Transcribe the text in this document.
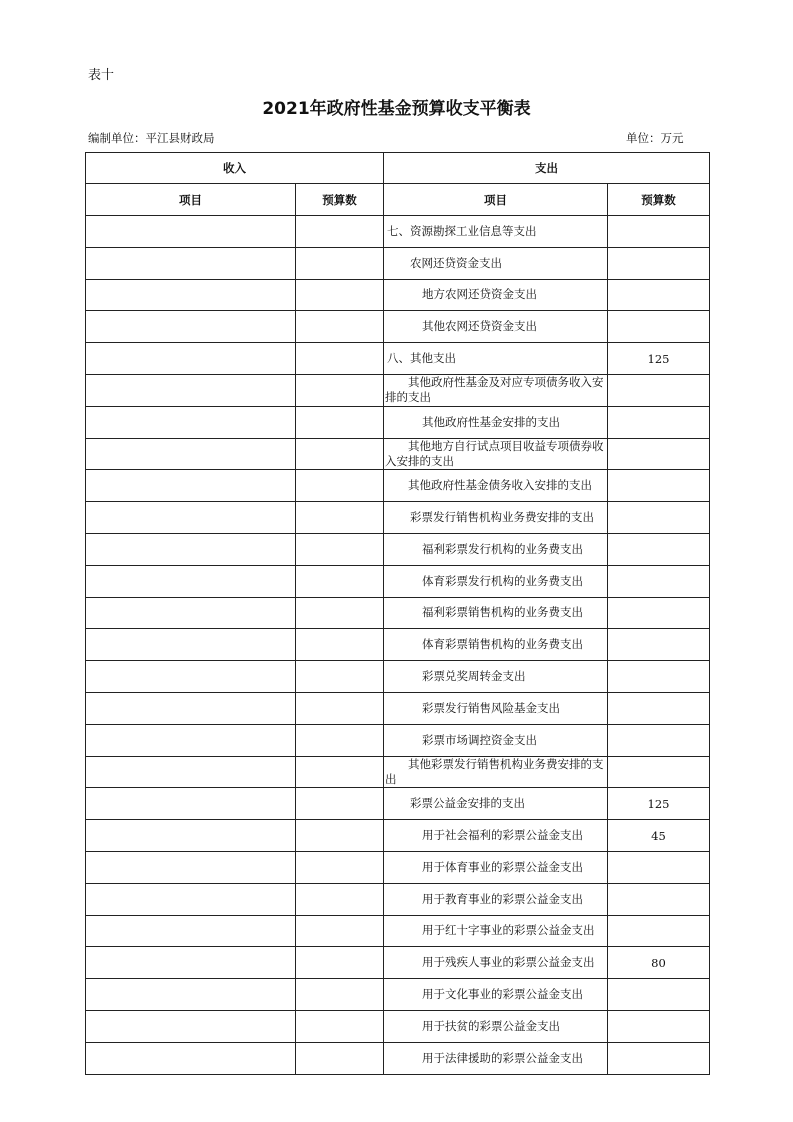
表十
2021年政府性基金预算收支平衡表
编制单位：平江县财政局	单位：万元
收入		支出	
项目	预算数	项目	预算数

		七、资源勘探工业信息等支出	

		农网还贷资金支出	

		地方农网还贷资金支出	

		其他农网还贷资金支出	

		八、其他支出	125

		其他政府性基金及对应专项债务收入安排的支出	

		其他政府性基金安排的支出	

		其他地方自行试点项目收益专项债券收入安排的支出	

		其他政府性基金债务收入安排的支出	

		彩票发行销售机构业务费安排的支出	

		福利彩票发行机构的业务费支出	

		体育彩票发行机构的业务费支出	

		福利彩票销售机构的业务费支出	

		体育彩票销售机构的业务费支出	

		彩票兑奖周转金支出	

		彩票发行销售风险基金支出	

		彩票市场调控资金支出	

		其他彩票发行销售机构业务费安排的支出	

		彩票公益金安排的支出	125

		用于社会福利的彩票公益金支出	45

		用于体育事业的彩票公益金支出	

		用于教育事业的彩票公益金支出	

		用于红十字事业的彩票公益金支出	

		用于残疾人事业的彩票公益金支出	80

		用于文化事业的彩票公益金支出	

		用于扶贫的彩票公益金支出	

		用于法律援助的彩票公益金支出	
